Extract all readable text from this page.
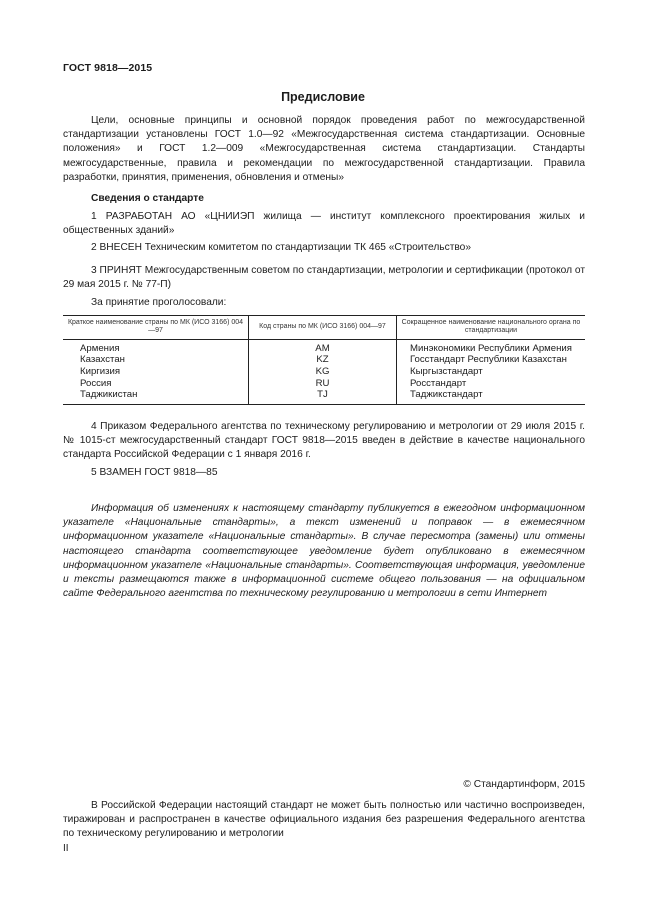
ГОСТ 9818—2015
Предисловие
Цели, основные принципы и основной порядок проведения работ по межгосударственной стандартизации установлены ГОСТ 1.0—92 «Межгосударственная система стандартизации. Основные положения» и ГОСТ 1.2—009 «Межгосударственная система стандартизации. Стандарты межгосударственные, правила и рекомендации по межгосударственной стандартизации. Правила разработки, принятия, применения, обновления и отмены»
Сведения о стандарте
1 РАЗРАБОТАН АО «ЦНИИЭП жилища — институт комплексного проектирования жилых и общественных зданий»
2 ВНЕСЕН Техническим комитетом по стандартизации ТК 465 «Строительство»
3 ПРИНЯТ Межгосударственным советом по стандартизации, метрологии и сертификации (протокол от 29 мая 2015 г. № 77-П)
За принятие проголосовали:
Краткое наименование страны по МК (ИСО 3166) 004—97	Код страны по МК (ИСО 3166) 004—97	Сокращенное наименование национального органа по стандартизации
Армения	AM	Минэкономики Республики Армения
Казахстан	KZ	Госстандарт Республики Казахстан
Киргизия	KG	Кыргызстандарт
Россия	RU	Росстандарт
Таджикистан	TJ	Таджикстандарт
4 Приказом Федерального агентства по техническому регулированию и метрологии от 29 июля 2015 г. № 1015-ст межгосударственный стандарт ГОСТ 9818—2015 введен в действие в качестве национального стандарта Российской Федерации с 1 января 2016 г.
5 ВЗАМЕН ГОСТ 9818—85
Информация об изменениях к настоящему стандарту публикуется в ежегодном информационном указателе «Национальные стандарты», а текст изменений и поправок — в ежемесячном информационном указателе «Национальные стандарты». В случае пересмотра (замены) или отмены настоящего стандарта соответствующее уведомление будет опубликовано в ежемесячном информационном указателе «Национальные стандарты». Соответствующая информация, уведомление и тексты размещаются также в информационной системе общего пользования — на официальном сайте Федерального агентства по техническому регулированию и метрологии в сети Интернет
© Стандартинформ, 2015
В Российской Федерации настоящий стандарт не может быть полностью или частично воспроизведен, тиражирован и распространен в качестве официального издания без разрешения Федерального агентства по техническому регулированию и метрологии
II
